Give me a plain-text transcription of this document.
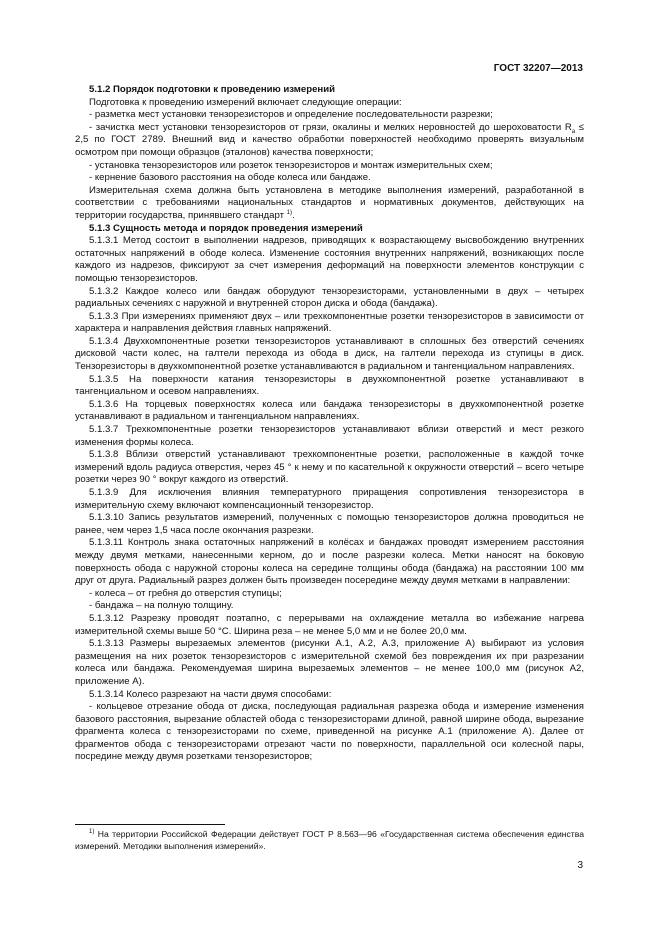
ГОСТ 32207—2013

5.1.2 Порядок подготовки к проведению измерений

Подготовка к проведению измерений включает следующие операции:

- разметка мест установки тензорезисторов и определение последовательности разрезки;

- зачистка мест установки тензорезисторов от грязи, окалины и мелких неровностей до шероховатости $R_a \le 2,5$ по ГОСТ 2789. Внешний вид и качество обработки поверхностей необходимо проверять визуальным осмотром при помощи образцов (эталонов) качества поверхности;

- установка тензорезисторов или розеток тензорезисторов и монтаж измерительных схем;

- кернение базового расстояния на ободе колеса или бандаже.

Измерительная схема должна быть установлена в методике выполнения измерений, разработанной в соответствии с требованиями национальных стандартов и нормативных документов, действующих на территории государства, принявшего стандарт $^{1)}$.

5.1.3 Сущность метода и порядок проведения измерений

5.1.3.1 Метод состоит в выполнении надрезов, приводящих к возрастающему высвобождению внутренних остаточных напряжений в ободе колеса. Изменение состояния внутренних напряжений, возникающих после каждого из надрезов, фиксируют за счет измерения деформаций на поверхности элементов конструкции с помощью тензорезисторов.

5.1.3.2 Каждое колесо или бандаж оборудуют тензорезисторами, установленными в двух – четырех радиальных сечениях с наружной и внутренней сторон диска и обода (бандажа).

5.1.3.3 При измерениях применяют двух – или трехкомпонентные розетки тензорезисторов в зависимости от характера и направления действия главных напряжений.

5.1.3.4 Двухкомпонентные розетки тензорезисторов устанавливают в сплошных без отверстий сечениях дисковой части колес, на галтели перехода из обода в диск, на галтели перехода из ступицы в диск. Тензорезисторы в двухкомпонентной розетке устанавливаются в радиальном и тангенциальном направлениях.

5.1.3.5 На поверхности катания тензорезисторы в двухкомпонентной розетке устанавливают в тангенциальном и осевом направлениях.

5.1.3.6 На торцевых поверхностях колеса или бандажа тензорезисторы в двухкомпонентной розетке устанавливают в радиальном и тангенциальном направлениях.

5.1.3.7 Трехкомпонентные розетки тензорезисторов устанавливают вблизи отверстий и мест резкого изменения формы колеса.

5.1.3.8 Вблизи отверстий устанавливают трехкомпонентные розетки, расположенные в каждой точке измерений вдоль радиуса отверстия, через 45 ° к нему и по касательной к окружности отверстий – всего четыре розетки через 90 ° вокруг каждого из отверстий.

5.1.3.9 Для исключения влияния температурного приращения сопротивления тензорезистора в измерительную схему включают компенсационный тензорезистор.

5.1.3.10 Запись результатов измерений, полученных с помощью тензорезисторов должна проводиться не ранее, чем через 1,5 часа после окончания разрезки.

5.1.3.11 Контроль знака остаточных напряжений в колёсах и бандажах проводят измерением расстояния между двумя метками, нанесенными керном, до и после разрезки колеса. Метки наносят на боковую поверхность обода с наружной стороны колеса на середине толщины обода (бандажа) на расстоянии 100 мм друг от друга. Радиальный разрез должен быть произведен посередине между двумя метками в направлении:

- колеса – от гребня до отверстия ступицы;

- бандажа – на полную толщину.

5.1.3.12 Разрезку проводят поэтапно, с перерывами на охлаждение металла во избежание нагрева измерительной схемы выше 50 °С. Ширина реза – не менее 5,0 мм и не более 20,0 мм.

5.1.3.13 Размеры вырезаемых элементов (рисунки А.1, А.2, А.3, приложение А) выбирают из условия размещения на них розеток тензорезисторов с измерительной схемой без повреждения их при разрезании колеса или бандажа. Рекомендуемая ширина вырезаемых элементов – не менее 100,0 мм (рисунок А2, приложение А).

5.1.3.14 Колесо разрезают на части двумя способами:

- кольцевое отрезание обода от диска, последующая радиальная разрезка обода и измерение изменения базового расстояния, вырезание областей обода с тензорезисторами длиной, равной ширине обода, вырезание фрагмента колеса с тензорезисторами по схеме, приведенной на рисунке А.1 (приложение А). Далее от фрагментов обода с тензорезисторами отрезают части по поверхности, параллельной оси колесной пары, посредине между двумя розетками тензорезисторов;

$^{1)}$ На территории Российской Федерации действует ГОСТ Р 8.563—96 «Государственная система обеспечения единства измерений. Методики выполнения измерений».
3
